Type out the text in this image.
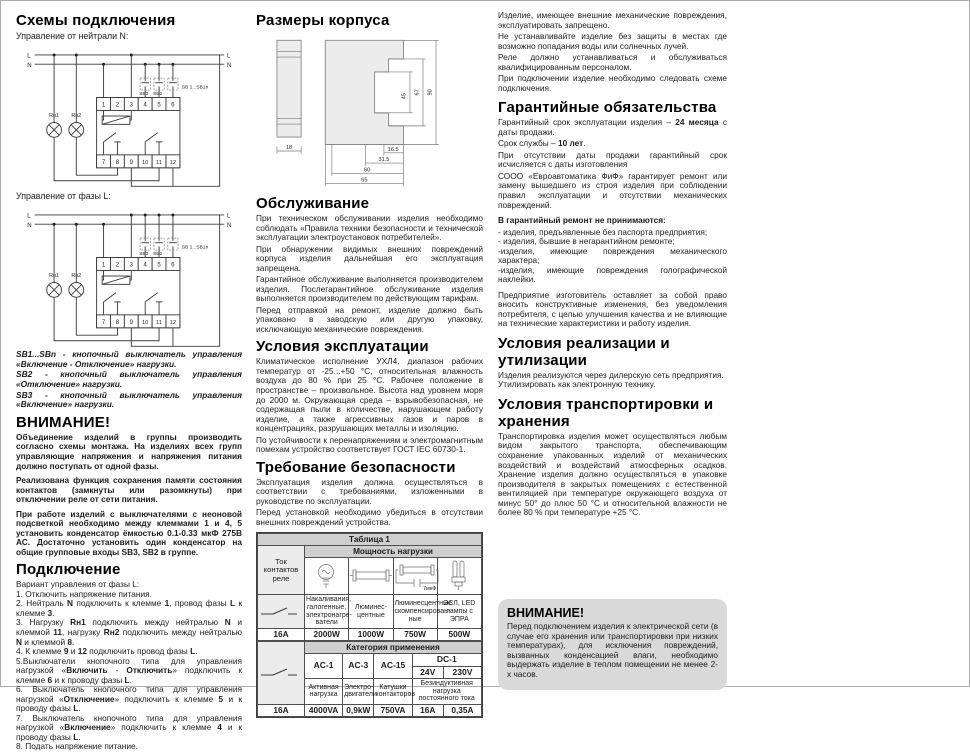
Схемы подключения
Управление от нейтрали N:
L
N
L
N
1 2 3 4 5 6
7 8 9 10 11 12
Rн1 Rн2
SB3 SB2
SB 1...SB1n
Управление от фазы L:
L
N
L
N
1 2 3 4 5 6
7 8 9 10 11 12
Rн1 Rн2
SB3 SB2
SB 1...SB1n

SB1...SBn - кнопочный выключатель управления «Включение - Отключение» нагрузки.

SB2 - кнопочный выключатель управления «Отключение» нагрузки.

SB3 - кнопочный выключатель управления «Включение» нагрузки.

ВНИМАНИЕ!

Объединение изделий в группы производить согласно схемы монтажа. На изделиях всех групп управляющие напряжения и напряжения питания должно поступать от одной фазы.

Реализована функция сохранения памяти состояния контактов (замкнуты или разомкнуты) при отключении реле от сети питания.

При работе изделий с выключателями с неоновой подсветкой необходимо между клеммами 1 и 4, 5 установить конденсатор ёмкостью 0.1-0.33 мкФ 275В АС. Достаточно установить один конденсатор на общие групповые входы SB3, SB2 в группе.

Подключение

Вариант управления от фазы L:

1. Отключить напряжение питания.

2. Нейтраль N подключить к клемме 1, провод фазы L к клемме 3.

3. Нагрузку Rн1 подключить между нейтралью N и клеммой 11, нагрузку Rн2 подключить между нейтралью N и клеммой 8.

4. К клемме 9 и 12 подключить провод фазы L.

5.Выключатели кнопочного типа для управления нагрузкой «Включить - Отключить» подключить к клемме 6 и к проводу фазы L.

6. Выключатель кнопочного типа для управления нагрузкой «Отключение» подключить к клемме 5 и к проводу фазы L.

7. Выключатель кнопочного типа для управления нагрузкой «Включение» подключить к клемме 4 и к проводу фазы L.

8. Подать напряжение питание.

Размеры корпуса
18
45
67 90
16.5
31.5
60
65
Обслуживание

При техническом обслуживании изделия необходимо соблюдать «Правила техники безопасности и технической эксплуатации электроустановок потребителей».

При обнаружении видимых внешних повреждений корпуса изделия дальнейшая его эксплуатация запрещена.

Гарантийное обслуживание выполняется производителем изделия. Послегарантийное обслуживание изделия выполняется производителем по действующим тарифам.

Перед отправкой на ремонт, изделие должно быть упаковано в заводскую или другую упаковку, исключающую механические повреждения.

Условия эксплуатации

Климатическое исполнение УХЛ4, диапазон рабочих температур от -25...+50 °С, относительная влажность воздуха до 80 % при 25 °С. Рабочее положение в пространстве – произвольное. Высота над уровнем моря до 2000 м. Окружающая среда – взрывобезопасная, не содержащая пыли в количестве, нарушающем работу изделие, а также агрессивных газов и паров в концентрациях, разрушающих металлы и изоляцию.

По устойчивости к перенапряжениям и электромагнитным помехам устройство соответствует ГОСТ IEC 60730-1.

Требование безопасности

Эксплуатация изделия должна осуществляться в соответствии с требованиями, изложенными в руководстве по эксплуатации.

Перед установкой необходимо убедиться в отсутствии внешних повреждений устройства.

Таблица 1				
Ток контактов реле	Мощность нагрузки			

7мкФ

	Накаливания, галогенные, электронагре- ватели	Люминес- центные	Люминесцентные скомпенсирован- ные	ЭСЛ, LED лампы с ЭПРА
16А	2000W	1000W	750W	500W
	Категория применения				
	AC-1	AC-3	AC-15	DC-1	
				24V	230V
	Активная нагрузка	Электро- двигатели	Катушки контакторов	Безиндуктивная нагрузка постоянного тока	
16А	4000VA	0,9kW	750VA	16А	0,35А

Изделие, имеющее внешние механические повреждения, эксплуатировать запрещено.

Не устанавливайте изделие без защиты в местах где возможно попадания воды или солнечных лучей.

Реле должно устанавливаться и обслуживаться квалифицированным персоналом.

При подключении изделие необходимо следовать схеме подключения.

Гарантийные обязательства

Гарантийный срок эксплуатации изделия – 24 месяца с даты продажи.

Срок службы – 10 лет.

При отсутствии даты продажи гарантийный срок исчисляется с даты изготовления

СООО «Евроавтоматика ФиФ» гарантирует ремонт или замену вышедшего из строя изделия при соблюдении правил эксплуатации и отсутствии механических повреждений.

В гарантийный ремонт не принимаются:

- изделия, предъявленные без паспорта предприятия;

- изделия, бывшие в негарантийном ремонте;

-изделия, имеющие повреждения механического характера;

-изделия, имеющие повреждения голографической наклейки.

Предприятие изготовитель оставляет за собой право вносить конструктивные изменения, без уведомления потребителя, с целью улучшения качества и не влияющие на технические характеристики и работу изделия.

Условия реализации и утилизации

Изделия реализуются через дилерскую сеть предприятия.

Утилизировать как электронную технику.

Условия транспортировки и хранения

Транспортировка изделия может осуществляться любым видом закрытого транспорта, обеспечивающим сохранение упакованных изделий от механических воздействий и воздействий атмосферных осадков. Хранение изделия должно осуществляться в упаковке производителя в закрытых помещениях с естественной вентиляцией при температуре окружающего воздуха от минус 50° до плюс 50 °С и относительной влажности не более 80 % при температуре +25 °С.

ВНИМАНИЕ!

Перед подключением изделия к электрической сети (в случае его хранения или транспортировки при низких температурах), для исключения повреждений, вызванных конденсацией влаги, необходимо выдержать изделие в теплом помещении не менее 2-х часов.
